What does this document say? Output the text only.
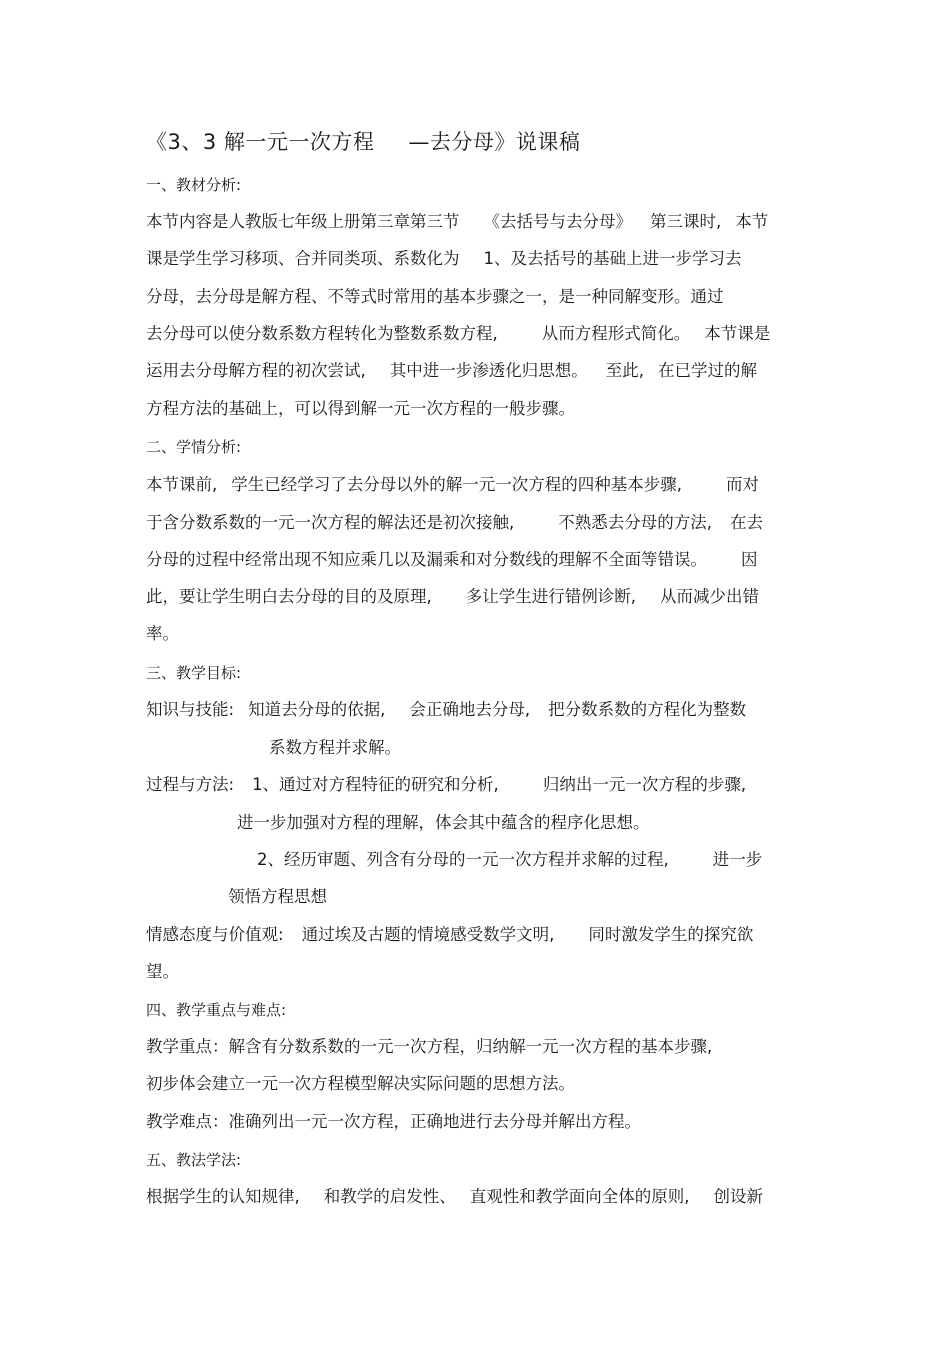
《3、3 解一元一次方程 —去分母》说课稿
一、教材分析:
本节内容是人教版七年级上册第三章第三节 《去括号与去分母》 第三课时, 本节
课是学生学习移项、合并同类项、系数化为 1、及去括号的基础上进一步学习去
分母，去分母是解方程、不等式时常用的基本步骤之一，是一种同解变形。通过
去分母可以使分数系数方程转化为整数系数方程,	从而方程形式简化。 本节课是
运用去分母解方程的初次尝试, 其中进一步渗透化归思想。 至此, 在已学过的解
方程方法的基础上，可以得到解一元一次方程的一般步骤。
二、学情分析:
本节课前, 学生已经学习了去分母以外的解一元一次方程的四种基本步骤,	而对
于含分数系数的一元一次方程的解法还是初次接触,	不熟悉去分母的方法, 在去
分母的过程中经常出现不知应乘几以及漏乘和对分数线的理解不全面等错误。 因
此，要让学生明白去分母的目的及原理, 多让学生进行错例诊断, 从而减少出错
率。
三、教学目标:
知识与技能: 知道去分母的依据, 会正确地去分母, 把分数系数的方程化为整数
系数方程并求解。
过程与方法: 1、通过对方程特征的研究和分析,	归纳出一元一次方程的步骤,
进一步加强对方程的理解，体会其中蕴含的程序化思想。
2、经历审题、列含有分母的一元一次方程并求解的过程,	进一步
领悟方程思想
情感态度与价值观: 通过埃及古题的情境感受数学文明, 同时激发学生的探究欲
望。
四、教学重点与难点:
教学重点：解含有分数系数的一元一次方程，归纳解一元一次方程的基本步骤,
初步体会建立一元一次方程模型解决实际问题的思想方法。
教学难点：准确列出一元一次方程，正确地进行去分母并解出方程。
五、教法学法:
根据学生的认知规律, 和教学的启发性、 直观性和教学面向全体的原则, 创设新
